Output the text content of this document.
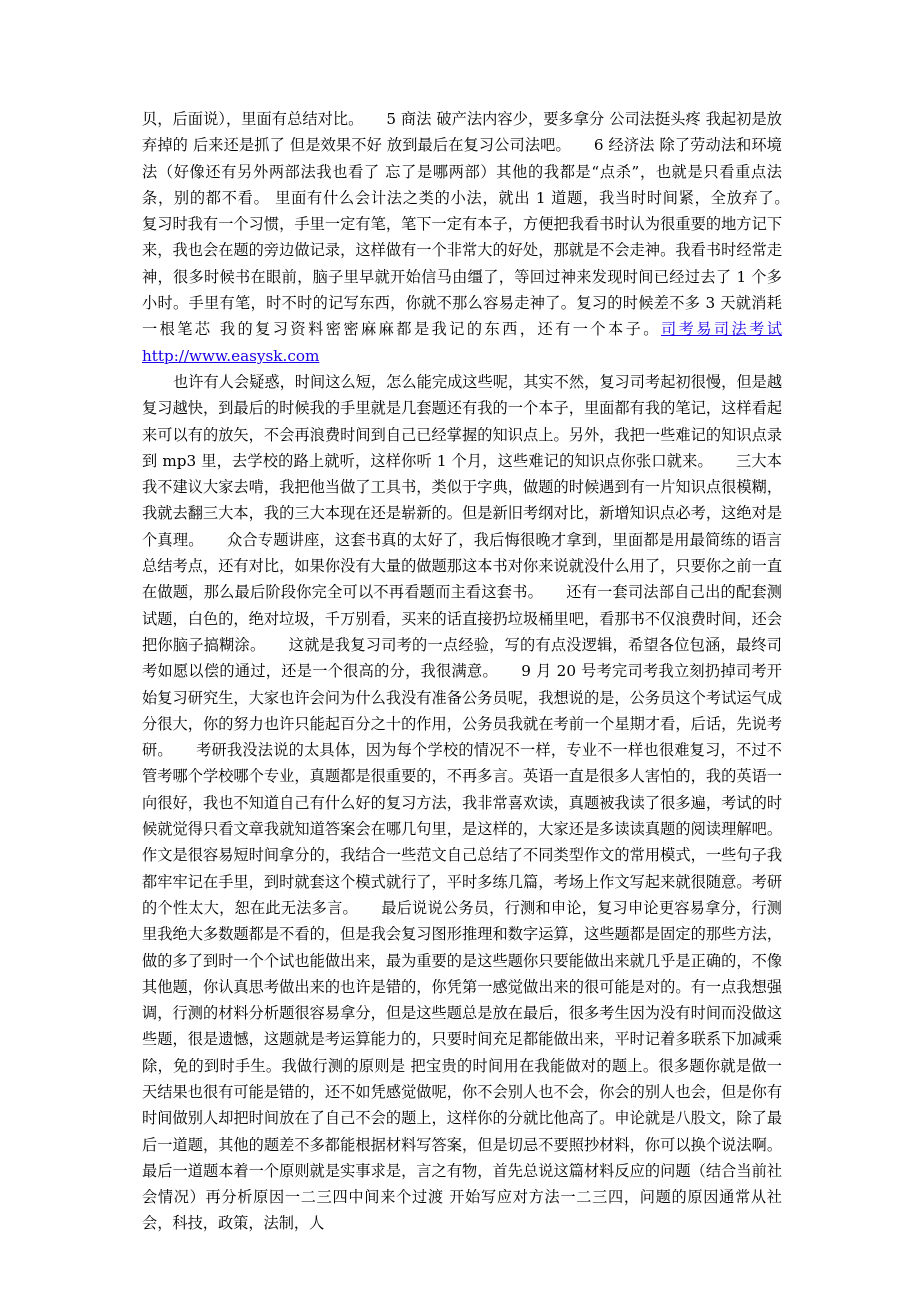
贝，后面说），里面有总结对比。　　5 商法 破产法内容少，要多拿分 公司法挺头疼 我起初是放弃掉的 后来还是抓了 但是效果不好 放到最后在复习公司法吧。　　6 经济法 除了劳动法和环境法（好像还有另外两部法我也看了 忘了是哪两部）其他的我都是“点杀”，也就是只看重点法条，别的都不看。 里面有什么会计法之类的小法，就出 1 道题，我当时时间紧，全放弃了。　　复习时我有一个习惯，手里一定有笔，笔下一定有本子，方便把我看书时认为很重要的地方记下来，我也会在题的旁边做记录，这样做有一个非常大的好处，那就是不会走神。我看书时经常走神，很多时候书在眼前，脑子里早就开始信马由缰了，等回过神来发现时间已经过去了 1 个多小时。手里有笔，时不时的记写东西，你就不那么容易走神了。复习的时候差不多 3 天就消耗一根笔芯 我的复习资料密密麻麻都是我记的东西，还有一个本子。司考易司法考试 http://www.easysk.com

也许有人会疑惑，时间这么短，怎么能完成这些呢，其实不然，复习司考起初很慢，但是越复习越快，到最后的时候我的手里就是几套题还有我的一个本子，里面都有我的笔记，这样看起来可以有的放矢，不会再浪费时间到自己已经掌握的知识点上。另外，我把一些难记的知识点录到 mp3 里，去学校的路上就听，这样你听 1 个月，这些难记的知识点你张口就来。　　三大本我不建议大家去啃，我把他当做了工具书，类似于字典，做题的时候遇到有一片知识点很模糊，我就去翻三大本，我的三大本现在还是崭新的。但是新旧考纲对比，新增知识点必考，这绝对是个真理。　　众合专题讲座，这套书真的太好了，我后悔很晚才拿到，里面都是用最简练的语言总结考点，还有对比，如果你没有大量的做题那这本书对你来说就没什么用了，只要你之前一直在做题，那么最后阶段你完全可以不再看题而主看这套书。　　还有一套司法部自己出的配套测试题，白色的，绝对垃圾，千万别看，买来的话直接扔垃圾桶里吧，看那书不仅浪费时间，还会把你脑子搞糊涂。　　这就是我复习司考的一点经验，写的有点没逻辑，希望各位包涵，最终司考如愿以偿的通过，还是一个很高的分，我很满意。　　9 月 20 号考完司考我立刻扔掉司考开始复习研究生，大家也许会问为什么我没有准备公务员呢，我想说的是，公务员这个考试运气成分很大，你的努力也许只能起百分之十的作用，公务员我就在考前一个星期才看，后话，先说考研。　　考研我没法说的太具体，因为每个学校的情况不一样，专业不一样也很难复习，不过不管考哪个学校哪个专业，真题都是很重要的，不再多言。英语一直是很多人害怕的，我的英语一向很好，我也不知道自己有什么好的复习方法，我非常喜欢读，真题被我读了很多遍，考试的时候就觉得只看文章我就知道答案会在哪几句里，是这样的，大家还是多读读真题的阅读理解吧。作文是很容易短时间拿分的，我结合一些范文自己总结了不同类型作文的常用模式，一些句子我都牢牢记在手里，到时就套这个模式就行了，平时多练几篇，考场上作文写起来就很随意。考研的个性太大，恕在此无法多言。　　最后说说公务员，行测和申论，复习申论更容易拿分，行测里我绝大多数题都是不看的，但是我会复习图形推理和数字运算，这些题都是固定的那些方法，做的多了到时一个个试也能做出来，最为重要的是这些题你只要能做出来就几乎是正确的，不像其他题，你认真思考做出来的也许是错的，你凭第一感觉做出来的很可能是对的。有一点我想强调，行测的材料分析题很容易拿分，但是这些题总是放在最后，很多考生因为没有时间而没做这些题，很是遗憾，这题就是考运算能力的，只要时间充足都能做出来，平时记着多联系下加减乘除，免的到时手生。我做行测的原则是 把宝贵的时间用在我能做对的题上。很多题你就是做一天结果也很有可能是错的，还不如凭感觉做呢，你不会别人也不会，你会的别人也会，但是你有时间做别人却把时间放在了自己不会的题上，这样你的分就比他高了。申论就是八股文，除了最后一道题，其他的题差不多都能根据材料写答案，但是切忌不要照抄材料，你可以换个说法啊。最后一道题本着一个原则就是实事求是，言之有物，首先总说这篇材料反应的问题（结合当前社会情况）再分析原因一二三四中间来个过渡 开始写应对方法一二三四，问题的原因通常从社会，科技，政策，法制，人
